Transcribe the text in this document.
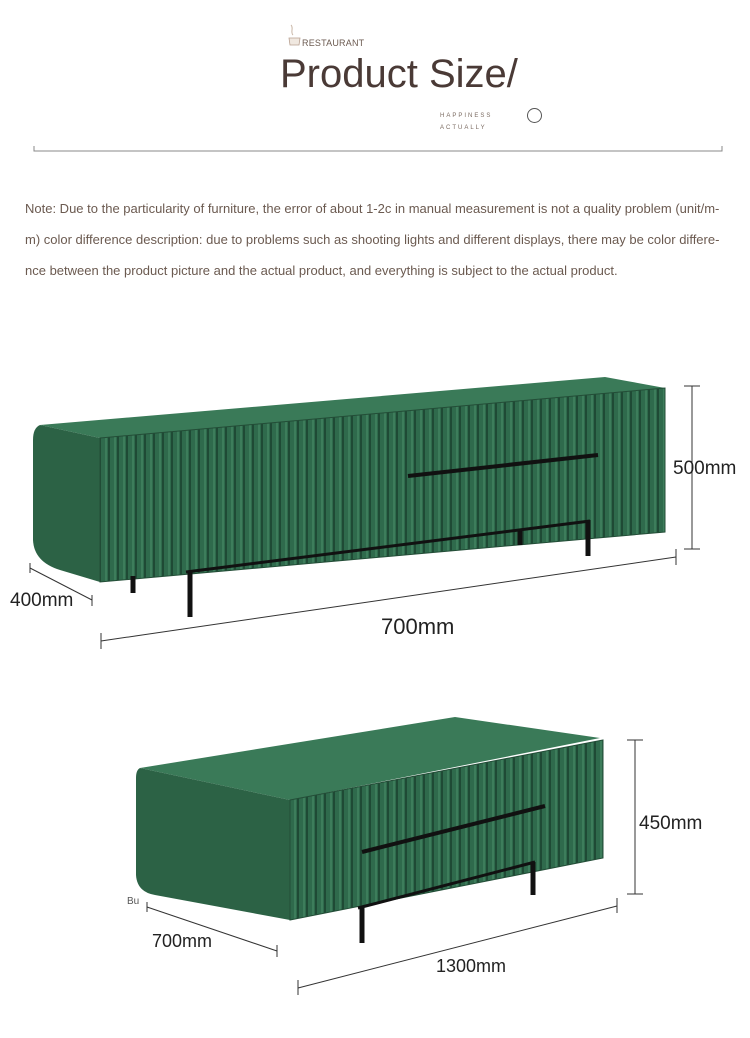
RESTAURANT
Product Size/
HAPPINESS
ACTUALLY
Note: Due to the particularity of furniture, the error of about 1-2c in manual measurement is not a quality problem (unit/m-
m) color difference description: due to problems such as shooting lights and different displays, there may be color differe-
nce between the product picture and the actual product, and everything is subject to the actual product.
400mm
700mm
500mm
Bu
700mm
1300mm
450mm
